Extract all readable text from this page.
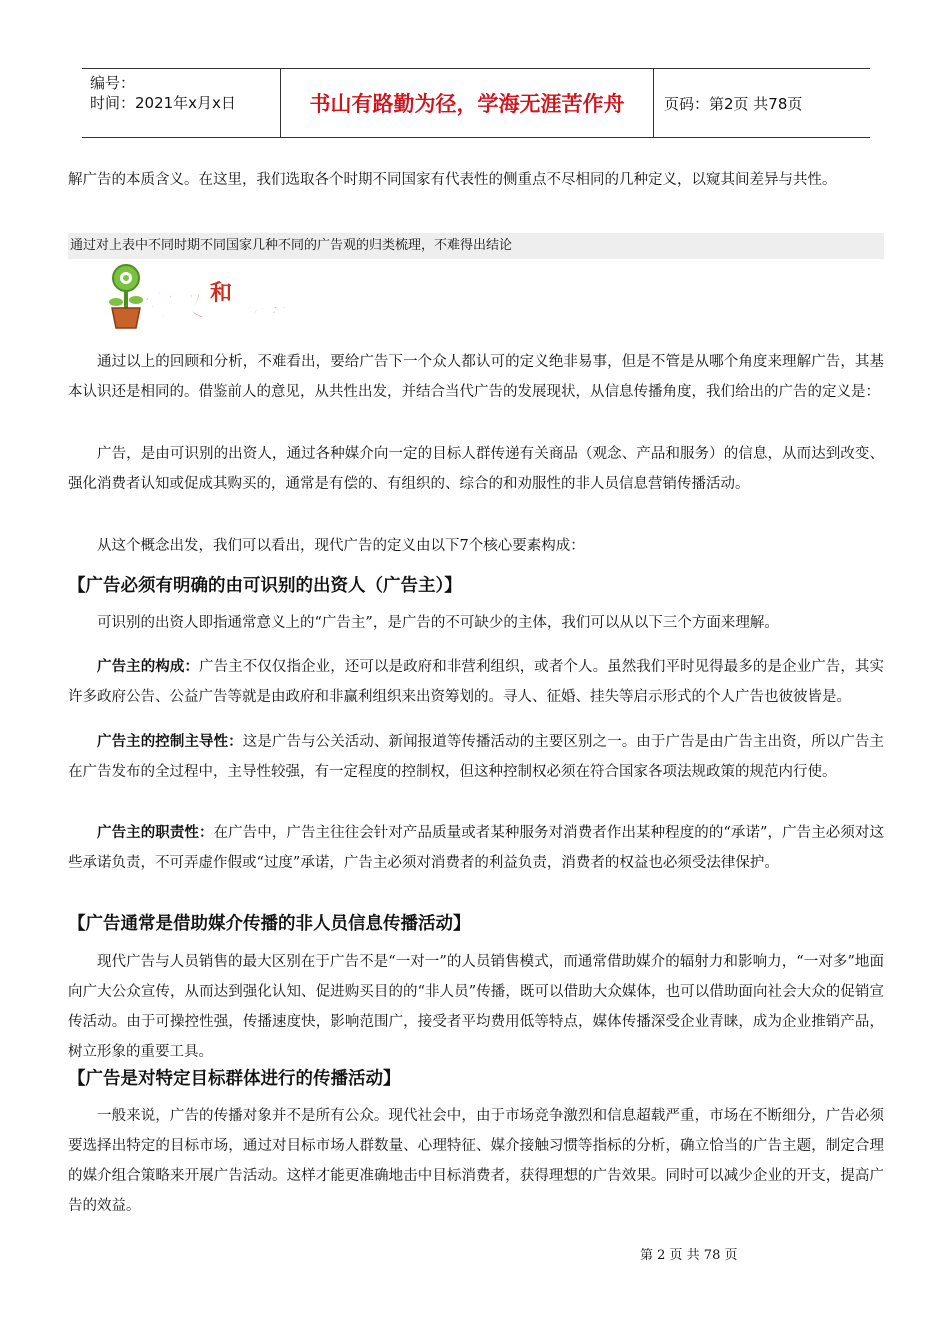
编号：
时间：2021年x月x日	书山有路勤为径，学海无涯苦作舟	页码：第2页 共78页

解广告的本质含义。在这里，我们选取各个时期不同国家有代表性的侧重点不尽相同的几种定义，以窥其间差异与共性。

通过对上表中不同时期不同国家几种不同的广告观的归类梳理，不难得出结论
定 义 和 要 素

通过以上的回顾和分析，不难看出，要给广告下一个众人都认可的定义绝非易事，但是不管是从哪个角度来理解广告，其基本认识还是相同的。借鉴前人的意见，从共性出发，并结合当代广告的发展现状，从信息传播角度，我们给出的广告的定义是：

广告，是由可识别的出资人，通过各种媒介向一定的目标人群传递有关商品（观念、产品和服务）的信息，从而达到改变、强化消费者认知或促成其购买的，通常是有偿的、有组织的、综合的和劝服性的非人员信息营销传播活动。

从这个概念出发，我们可以看出，现代广告的定义由以下7个核心要素构成：

【广告必须有明确的由可识别的出资人（广告主）】

可识别的出资人即指通常意义上的“广告主”，是广告的不可缺少的主体，我们可以从以下三个方面来理解。

广告主的构成：广告主不仅仅指企业，还可以是政府和非营利组织，或者个人。虽然我们平时见得最多的是企业广告，其实许多政府公告、公益广告等就是由政府和非赢利组织来出资筹划的。寻人、征婚、挂失等启示形式的个人广告也彼彼皆是。

广告主的控制主导性：这是广告与公关活动、新闻报道等传播活动的主要区别之一。由于广告是由广告主出资，所以广告主在广告发布的全过程中，主导性较强，有一定程度的控制权，但这种控制权必须在符合国家各项法规政策的规范内行使。

广告主的职责性：在广告中，广告主往往会针对产品质量或者某种服务对消费者作出某种程度的的“承诺”，广告主必须对这些承诺负责，不可弄虚作假或“过度”承诺，广告主必须对消费者的利益负责，消费者的权益也必须受法律保护。

【广告通常是借助媒介传播的非人员信息传播活动】

现代广告与人员销售的最大区别在于广告不是“一对一”的人员销售模式，而通常借助媒介的辐射力和影响力，“一对多”地面向广大公众宣传，从而达到强化认知、促进购买目的的“非人员”传播，既可以借助大众媒体，也可以借助面向社会大众的促销宣传活动。由于可操控性强，传播速度快，影响范围广，接受者平均费用低等特点，媒体传播深受企业青睐，成为企业推销产品，树立形象的重要工具。

【广告是对特定目标群体进行的传播活动】

一般来说，广告的传播对象并不是所有公众。现代社会中，由于市场竞争激烈和信息超载严重，市场在不断细分，广告必须要选择出特定的目标市场，通过对目标市场人群数量、心理特征、媒介接触习惯等指标的分析，确立恰当的广告主题，制定合理的媒介组合策略来开展广告活动。这样才能更准确地击中目标消费者，获得理想的广告效果。同时可以减少企业的开支，提高广告的效益。

第 2 页 共 78 页
